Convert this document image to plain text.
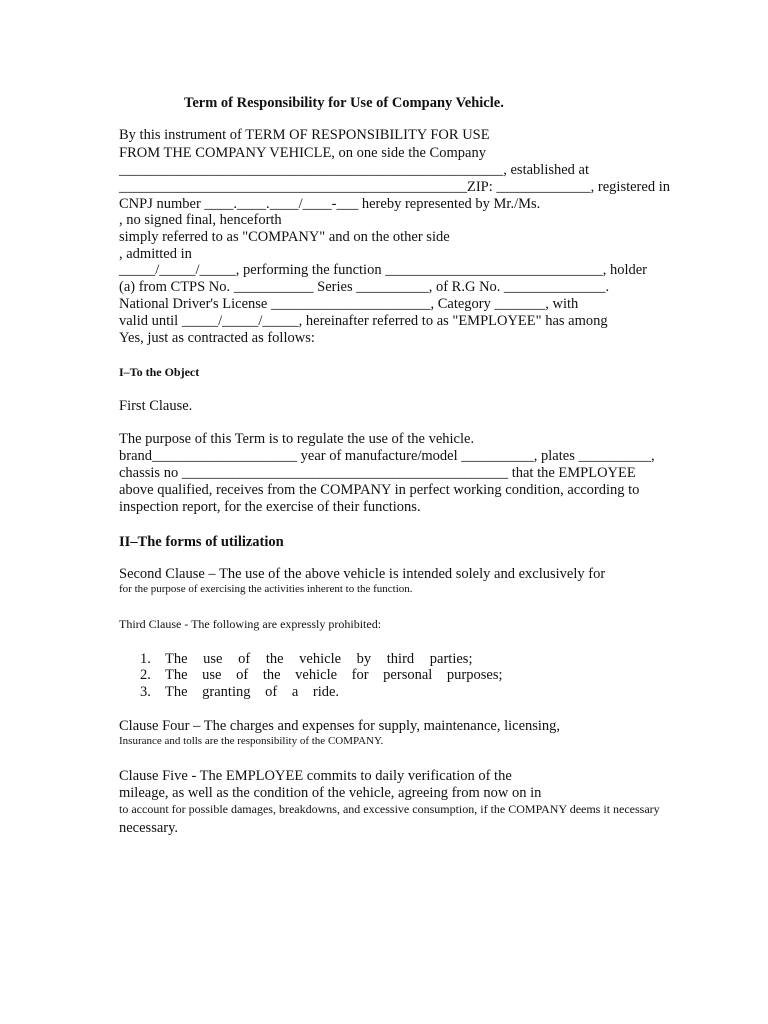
Term of Responsibility for Use of Company Vehicle.
By this instrument of TERM OF RESPONSIBILITY FOR USE
FROM THE COMPANY VEHICLE, on one side the Company
_____________________________________________________, established at
________________________________________________ZIP: _____________, registered in
CNPJ number ____.____.____/____-___ hereby represented by Mr./Ms.
, no signed final, henceforth
simply referred to as "COMPANY" and on the other side
, admitted in
_____/_____/_____, performing the function ______________________________, holder
(a) from CTPS No. ___________ Series __________, of R.G No. ______________.
National Driver's License ______________________, Category _______, with
valid until _____/_____/_____, hereinafter referred to as "EMPLOYEE" has among
Yes, just as contracted as follows:
I–To the Object
First Clause.
The purpose of this Term is to regulate the use of the vehicle.
brand____________________ year of manufacture/model __________, plates __________,
chassis no _____________________________________________ that the EMPLOYEE
above qualified, receives from the COMPANY in perfect working condition, according to
inspection report, for the exercise of their functions.
II–The forms of utilization
Second Clause – The use of the above vehicle is intended solely and exclusively for
for the purpose of exercising the activities inherent to the function.
Third Clause - The following are expressly prohibited:
1. The use of the vehicle by third parties;
2. The use of the vehicle for personal purposes;
3. The granting of a ride.
Clause Four – The charges and expenses for supply, maintenance, licensing,
Insurance and tolls are the responsibility of the COMPANY.
Clause Five - The EMPLOYEE commits to daily verification of the
mileage, as well as the condition of the vehicle, agreeing from now on in
to account for possible damages, breakdowns, and excessive consumption, if the COMPANY deems it necessary
necessary.
